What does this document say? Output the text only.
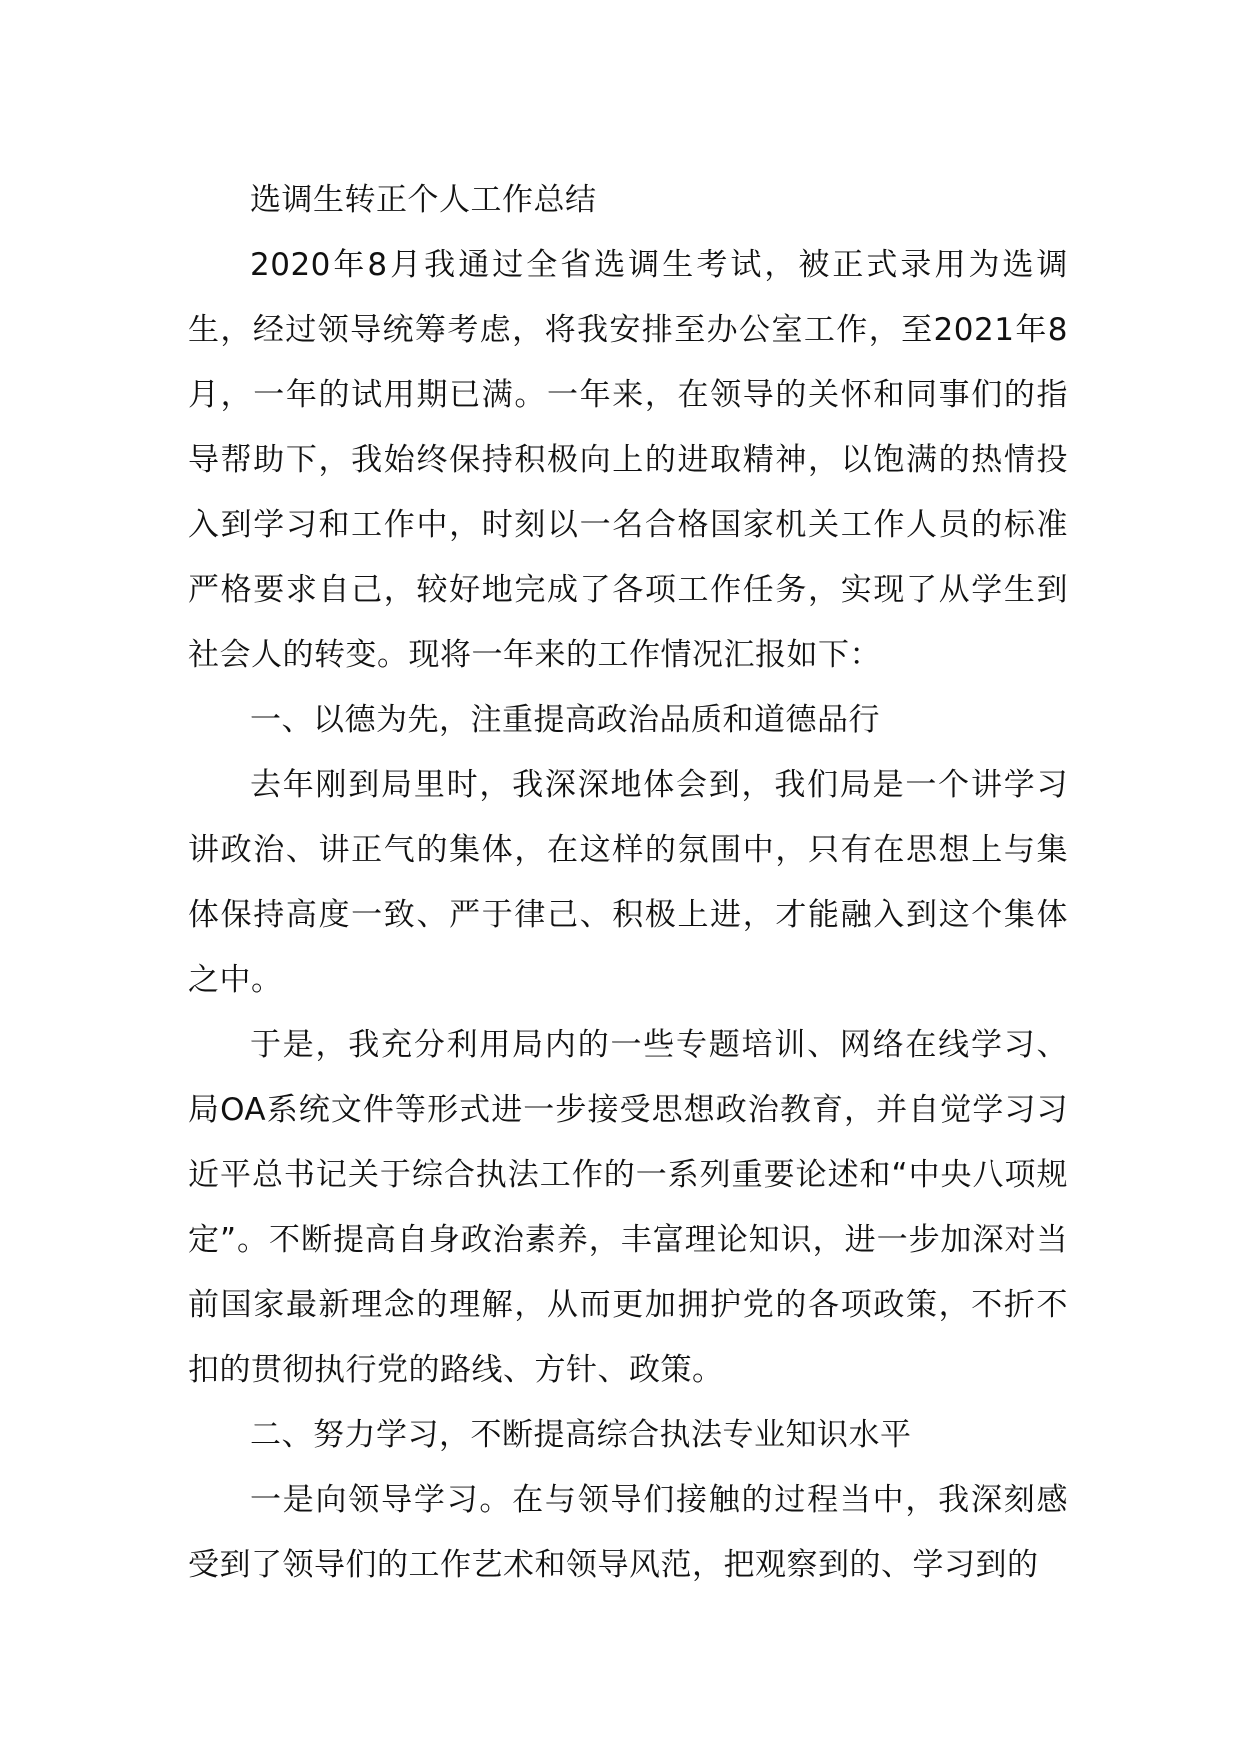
选调生转正个人工作总结

2020年8月我通过全省选调生考试，被正式录用为选调生，经过领导统筹考虑，将我安排至办公室工作，至2021年8月，一年的试用期已满。一年来，在领导的关怀和同事们的指导帮助下，我始终保持积极向上的进取精神，以饱满的热情投入到学习和工作中，时刻以一名合格国家机关工作人员的标准严格要求自己，较好地完成了各项工作任务，实现了从学生到社会人的转变。现将一年来的工作情况汇报如下：

一、以德为先，注重提高政治品质和道德品行

去年刚到局里时，我深深地体会到，我们局是一个讲学习讲政治、讲正气的集体，在这样的氛围中，只有在思想上与集体保持高度一致、严于律己、积极上进，才能融入到这个集体之中。

于是，我充分利用局内的一些专题培训、网络在线学习、局OA系统文件等形式进一步接受思想政治教育，并自觉学习习近平总书记关于综合执法工作的一系列重要论述和“中央八项规定”。不断提高自身政治素养，丰富理论知识，进一步加深对当前国家最新理念的理解，从而更加拥护党的各项政策，不折不扣的贯彻执行党的路线、方针、政策。

二、努力学习，不断提高综合执法专业知识水平

一是向领导学习。在与领导们接触的过程当中，我深刻感受到了领导们的工作艺术和领导风范，把观察到的、学习到的
